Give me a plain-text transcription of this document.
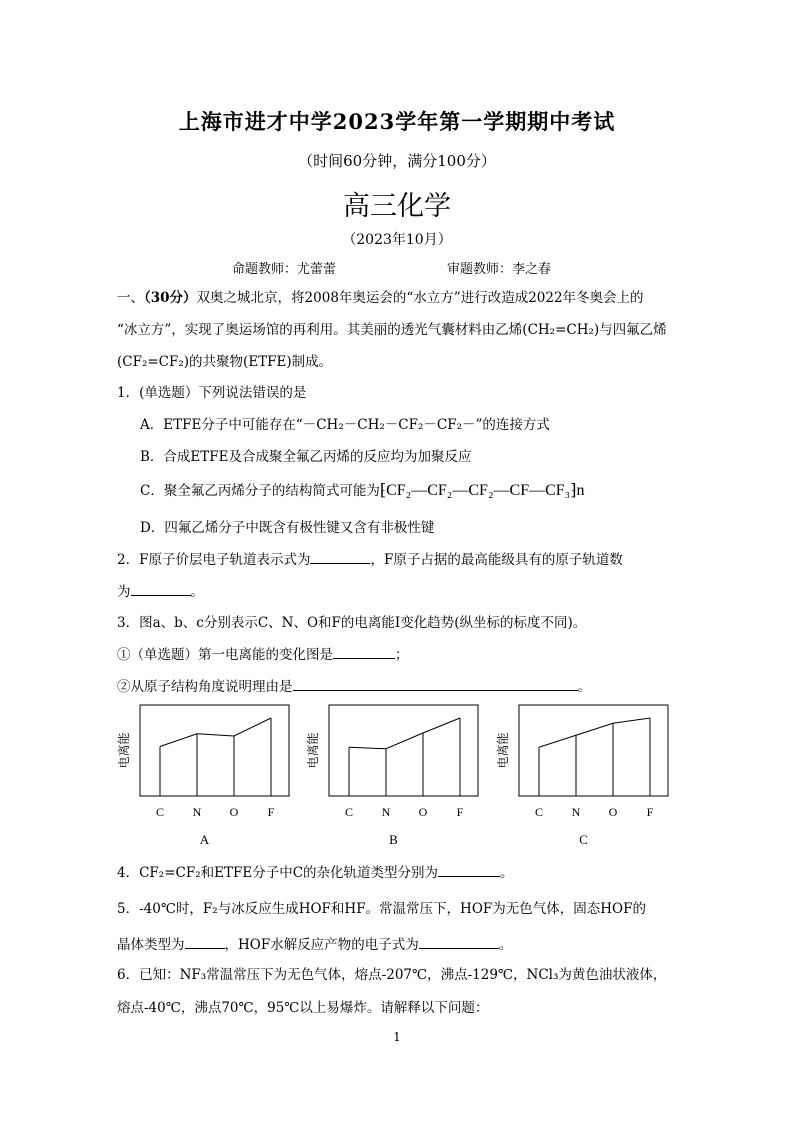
上海市进才中学2023学年第一学期期中考试
（时间60分钟，满分100分）
高三化学
（2023年10月）
命题教师：尤蕾蕾	审题教师：李之春
一、（30分）双奥之城北京，将2008年奥运会的“水立方”进行改造成2022年冬奥会上的
“冰立方”，实现了奥运场馆的再利用。其美丽的透光气囊材料由乙烯(CH₂=CH₂)与四氟乙烯
(CF₂=CF₂)的共聚物(ETFE)制成。
1．(单选题）下列说法错误的是
A．ETFE分子中可能存在“－CH₂－CH₂－CF₂－CF₂－”的连接方式
B．合成ETFE及合成聚全氟乙丙烯的反应均为加聚反应
C．聚全氟乙丙烯分子的结构简式可能为⁅CF₂—CF₂—CF₂—CF—CF₃⁆n
D．四氟乙烯分子中既含有极性键又含有非极性键
2．F原子价层电子轨道表示式为	，F原子占据的最高能级具有的原子轨道数
为	。
3．图a、b、c分别表示C、N、O和F的电离能I变化趋势(纵坐标的标度不同)。
①（单选题）第一电离能的变化图是	；
②从原子结构角度说明理由是	。
C N O F
电离能
A
C N O F
电离能
B
C N O F
电离能
C
4．CF₂=CF₂和ETFE分子中C的杂化轨道类型分别为	。
5．-40℃时，F₂与冰反应生成HOF和HF。常温常压下，HOF为无色气体，固态HOF的
晶体类型为	，HOF水解反应产物的电子式为	。
6．已知：NF₃常温常压下为无色气体，熔点-207℃，沸点-129℃，NCl₃为黄色油状液体，
熔点-40℃，沸点70℃，95℃以上易爆炸。请解释以下问题：
1
